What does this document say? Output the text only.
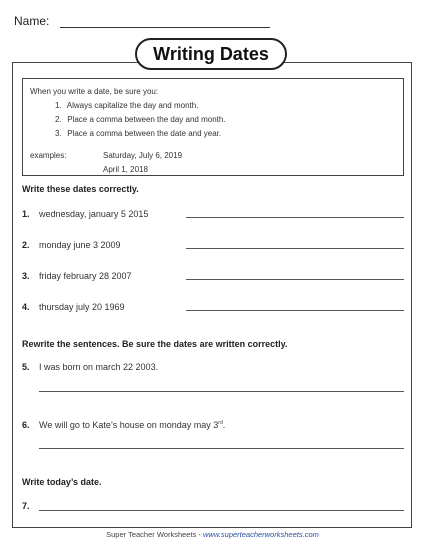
Name:
Writing Dates
When you write a date, be sure you:
1. Always capitalize the day and month.
2. Place a comma between the day and month.
3. Place a comma between the date and year.
examples:	Saturday, July 6, 2019
April 1, 2018
Write these dates correctly.
1. wednesday, january 5 2015
2. monday june 3 2009
3. friday february 28 2007
4. thursday july 20 1969
Rewrite the sentences. Be sure the dates are written correctly.
5. I was born on march 22 2003.
6. We will go to Kate’s house on monday may 3rd.
Write today’s date.
7.
Super Teacher Worksheets - www.superteacherworksheets.com
